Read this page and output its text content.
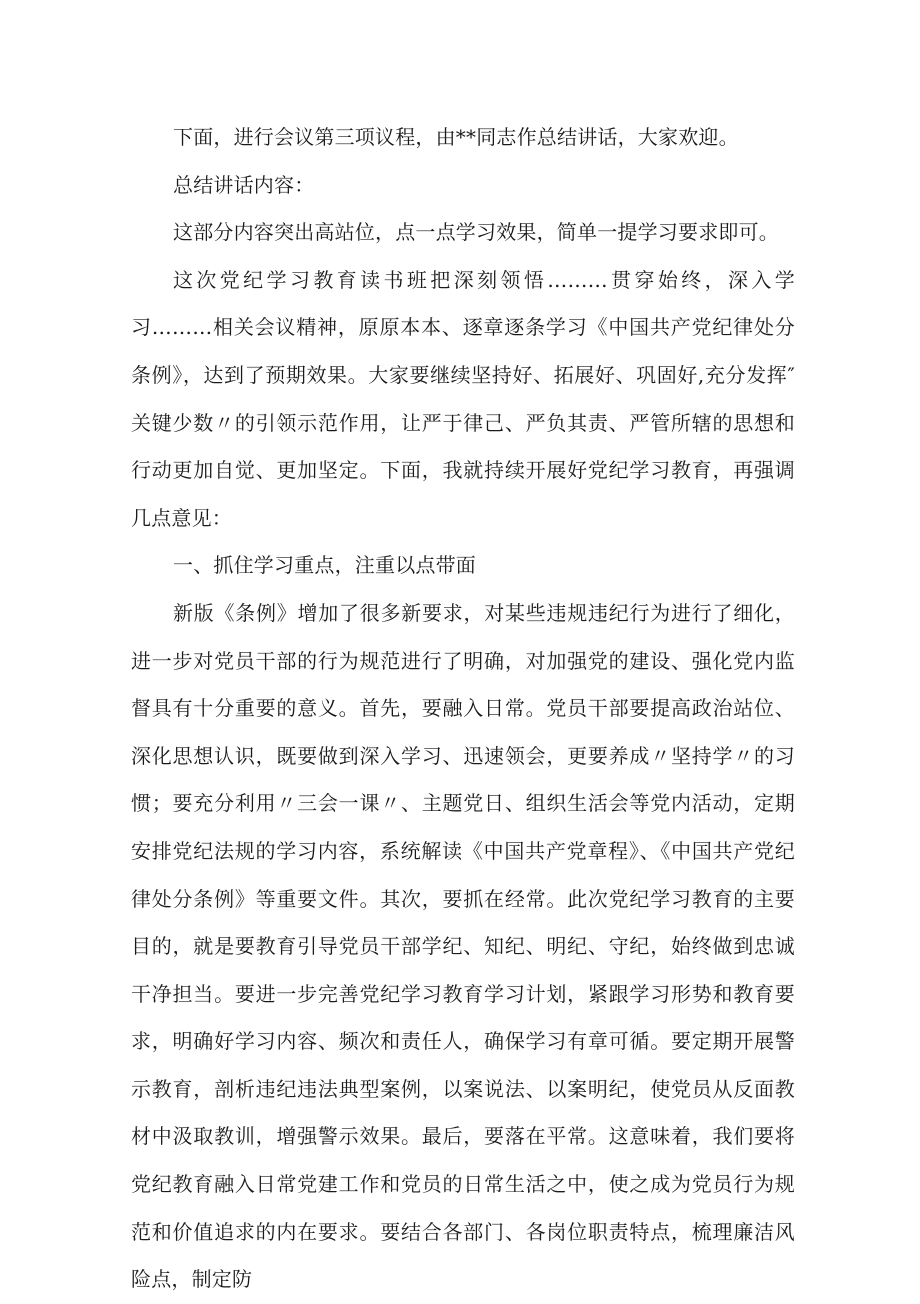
下面，进行会议第三项议程，由**同志作总结讲话，大家欢迎。

总结讲话内容：

这部分内容突出高站位，点一点学习效果，简单一提学习要求即可。

这次党纪学习教育读书班把深刻领悟………贯穿始终，深入学习………相关会议精神，原原本本、逐章逐条学习《中国共产党纪律处分条例》，达到了预期效果。大家要继续坚持好、拓展好、巩固好,充分发挥″关键少数〃的引领示范作用，让严于律己、严负其责、严管所辖的思想和行动更加自觉、更加坚定。下面，我就持续开展好党纪学习教育，再强调几点意见：

一、抓住学习重点，注重以点带面

新版《条例》增加了很多新要求，对某些违规违纪行为进行了细化，进一步对党员干部的行为规范进行了明确，对加强党的建设、强化党内监督具有十分重要的意义。首先，要融入日常。党员干部要提高政治站位、深化思想认识，既要做到深入学习、迅速领会，更要养成〃坚持学〃的习惯；要充分利用〃三会一课〃、主题党日、组织生活会等党内活动，定期安排党纪法规的学习内容，系统解读《中国共产党章程》、《中国共产党纪律处分条例》等重要文件。其次，要抓在经常。此次党纪学习教育的主要目的，就是要教育引导党员干部学纪、知纪、明纪、守纪，始终做到忠诚干净担当。要进一步完善党纪学习教育学习计划，紧跟学习形势和教育要求，明确好学习内容、频次和责任人，确保学习有章可循。要定期开展警示教育，剖析违纪违法典型案例，以案说法、以案明纪，使党员从反面教材中汲取教训，增强警示效果。最后，要落在平常。这意味着，我们要将党纪教育融入日常党建工作和党员的日常生活之中，使之成为党员行为规范和价值追求的内在要求。要结合各部门、各岗位职责特点，梳理廉洁风险点，制定防
